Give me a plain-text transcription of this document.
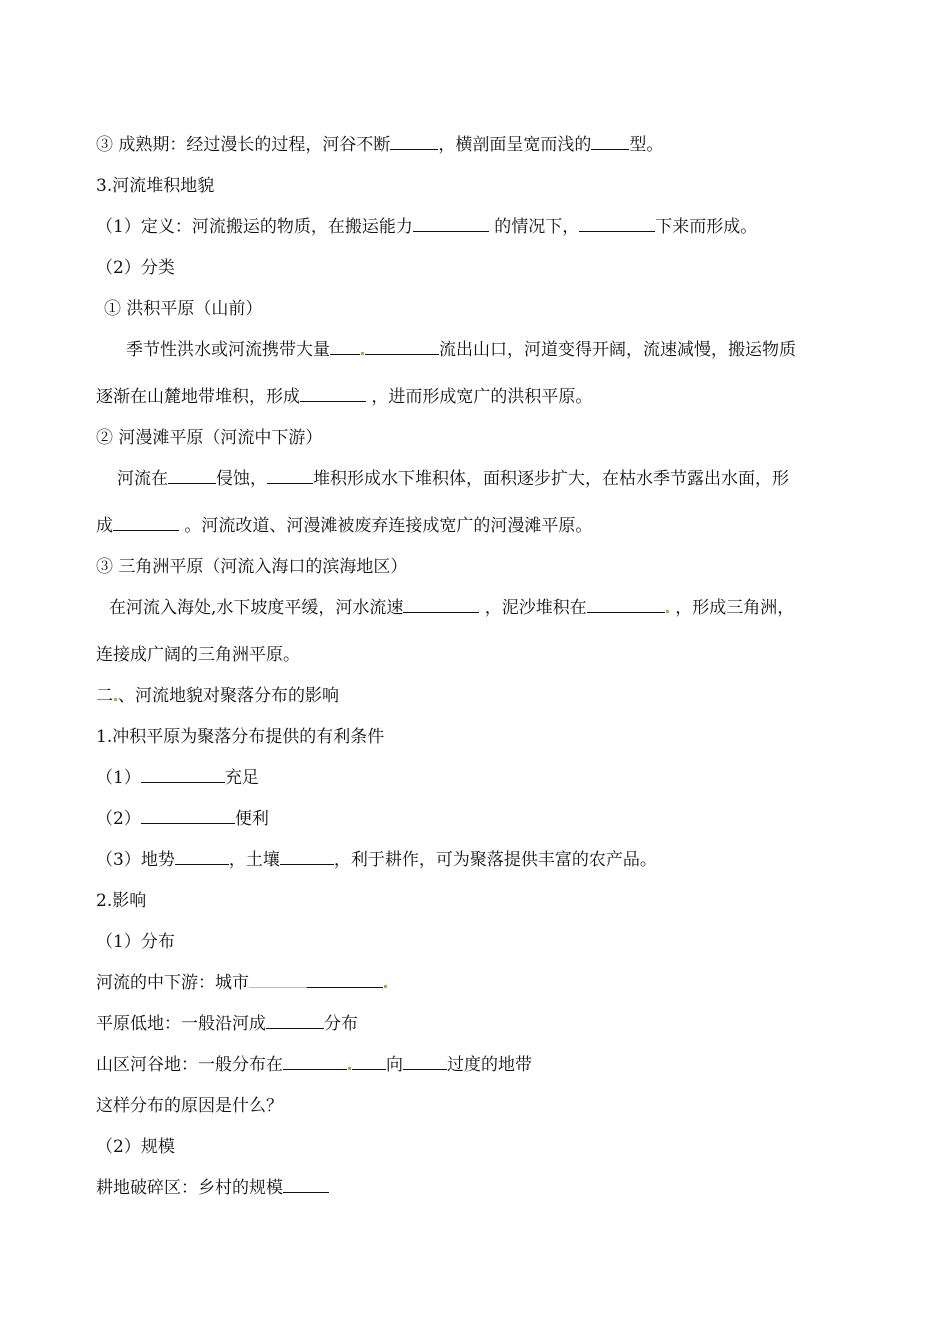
③ 成熟期：经过漫长的过程，河谷不断	，横剖面呈宽而浅的 型。
3.河流堆积地貌
（1）定义：河流搬运的物质，在搬运能力	的情况下，	下来而形成。
（2）分类
① 洪积平原（山前）
季节性洪水或河流携带大量	流出山口，河道变得开阔，流速减慢，搬运物质
逐渐在山麓地带堆积，形成	，进而形成宽广的洪积平原。
② 河漫滩平原（河流中下游）
河流在	侵蚀，	堆积形成水下堆积体，面积逐步扩大，在枯水季节露出水面，形
成	。河流改道、河漫滩被废弃连接成宽广的河漫滩平原。
③ 三角洲平原（河流入海口的滨海地区）
在河流入海处,水下坡度平缓，河水流速	，泥沙堆积在	，形成三角洲，
连接成广阔的三角洲平原。
二 、河流地貌对聚落分布的影响
1.冲积平原为聚落分布提供的有利条件
（1）	充足
（2）	便利
（3）地势	，土壤	，利于耕作，可为聚落提供丰富的农产品。
2.影响
（1）分布
河流的中下游：城市
平原低地：一般沿河成	分布
山区河谷地：一般分布在	向	过度的地带
这样分布的原因是什么？
（2）规模
耕地破碎区：乡村的规模
